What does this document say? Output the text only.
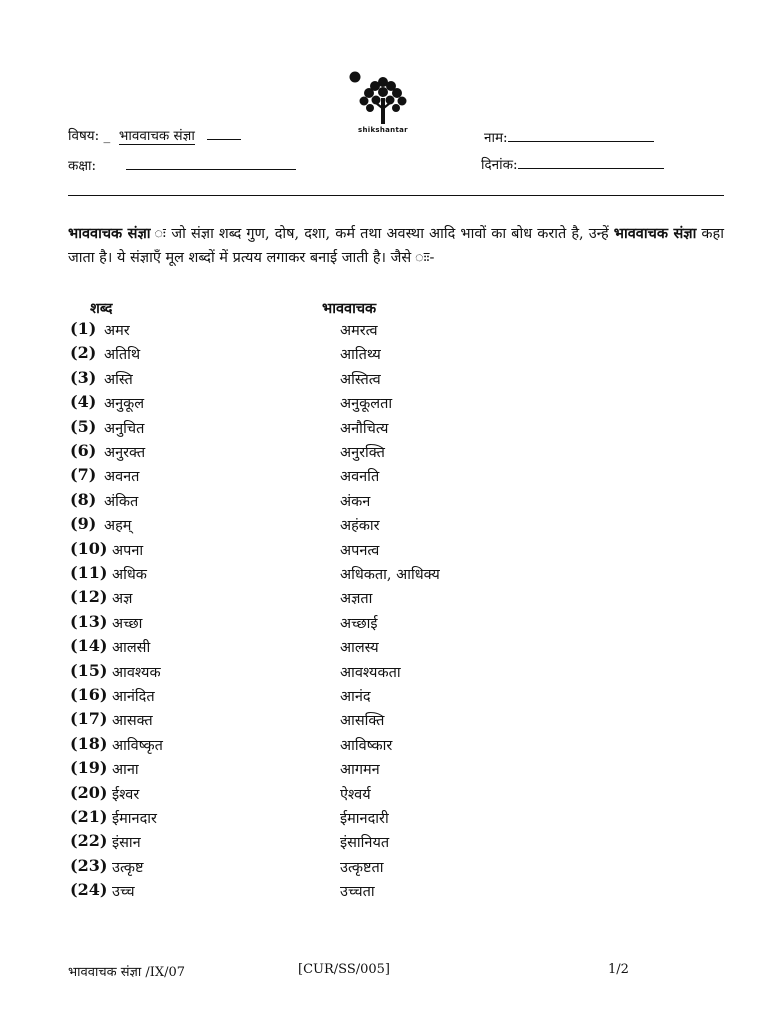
shikshantar
विषय: _ भाववाचक संज्ञा
कक्षा:
नाम:
दिनांक:
भाववाचक संज्ञा ः जो संज्ञा शब्द गुण, दोष, दशा, कर्म तथा अवस्था आदि भावों का बोध कराते है, उन्हें भाववाचक संज्ञा कहा जाता है। ये संज्ञाएँ मूल शब्दों में प्रत्यय लगाकर बनाई जाती है। जैसे ःः-
शब्द	भाववाचक
(1) अमर	अमरत्व
(2) अतिथि	आतिथ्य
(3) अस्ति	अस्तित्व
(4) अनुकूल	अनुकूलता
(5) अनुचित	अनौचित्य
(6) अनुरक्त	अनुरक्ति
(7) अवनत	अवनति
(8) अंकित	अंकन
(9) अहम्	अहंकार
(10) अपना	अपनत्व
(11) अधिक	अधिकता, आधिक्य
(12) अज्ञ	अज्ञता
(13) अच्छा	अच्छाई
(14) आलसी	आलस्य
(15) आवश्यक	आवश्यकता
(16) आनंदित	आनंद
(17) आसक्त	आसक्ति
(18) आविष्कृत	आविष्कार
(19) आना	आगमन
(20) ईश्वर	ऐश्वर्य
(21) ईमानदार	ईमानदारी
(22) इंसान	इंसानियत
(23) उत्कृष्ट	उत्कृष्टता
(24) उच्च	उच्चता
भाववाचक संज्ञा /IX/07	[CUR/SS/005]	1/2
